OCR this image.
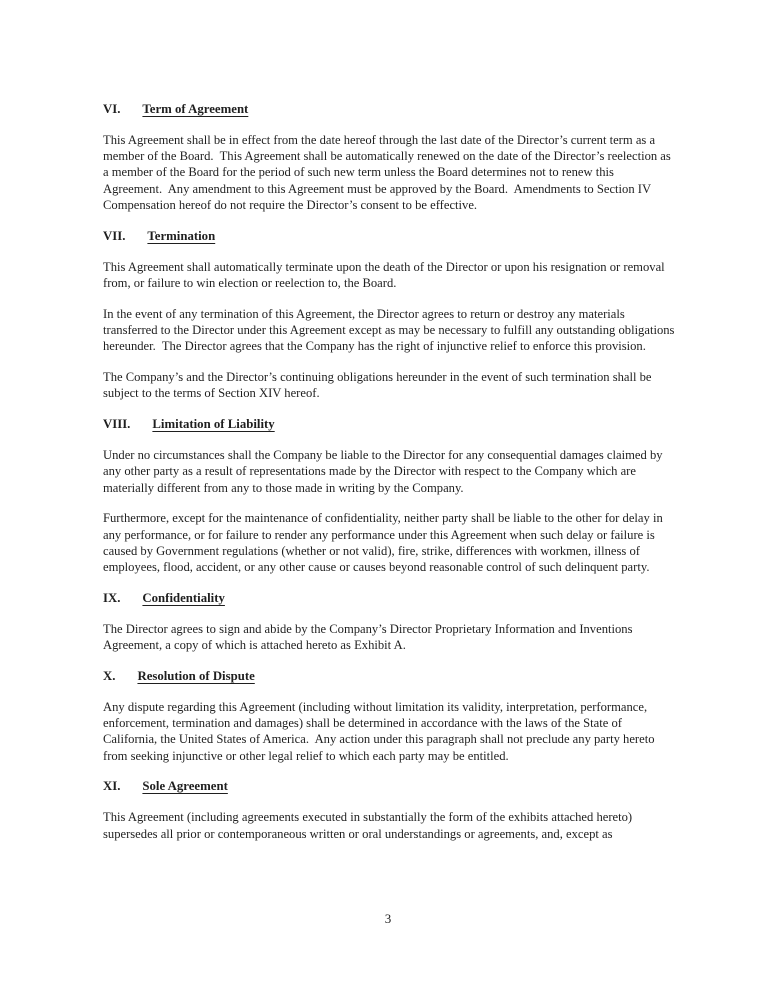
VI. Term of Agreement

This Agreement shall be in effect from the date hereof through the last date of the Director’s current term as a member of the Board.  This Agreement shall be automatically renewed on the date of the Director’s reelection as a member of the Board for the period of such new term unless the Board determines not to renew this Agreement.  Any amendment to this Agreement must be approved by the Board.  Amendments to Section IV Compensation hereof do not require the Director’s consent to be effective.

VII. Termination

This Agreement shall automatically terminate upon the death of the Director or upon his resignation or removal from, or failure to win election or reelection to, the Board.

In the event of any termination of this Agreement, the Director agrees to return or destroy any materials transferred to the Director under this Agreement except as may be necessary to fulfill any outstanding obligations hereunder.  The Director agrees that the Company has the right of injunctive relief to enforce this provision.

The Company’s and the Director’s continuing obligations hereunder in the event of such termination shall be subject to the terms of Section XIV hereof.

VIII. Limitation of Liability

Under no circumstances shall the Company be liable to the Director for any consequential damages claimed by any other party as a result of representations made by the Director with respect to the Company which are materially different from any to those made in writing by the Company.

Furthermore, except for the maintenance of confidentiality, neither party shall be liable to the other for delay in any performance, or for failure to render any performance under this Agreement when such delay or failure is caused by Government regulations (whether or not valid), fire, strike, differences with workmen, illness of employees, flood, accident, or any other cause or causes beyond reasonable control of such delinquent party.

IX. Confidentiality

The Director agrees to sign and abide by the Company’s Director Proprietary Information and Inventions Agreement, a copy of which is attached hereto as Exhibit A.

X. Resolution of Dispute

Any dispute regarding this Agreement (including without limitation its validity, interpretation, performance, enforcement, termination and damages) shall be determined in accordance with the laws of the State of California, the United States of America.  Any action under this paragraph shall not preclude any party hereto from seeking injunctive or other legal relief to which each party may be entitled.

XI. Sole Agreement

This Agreement (including agreements executed in substantially the form of the exhibits attached hereto) supersedes all prior or contemporaneous written or oral understandings or agreements, and, except as

3
